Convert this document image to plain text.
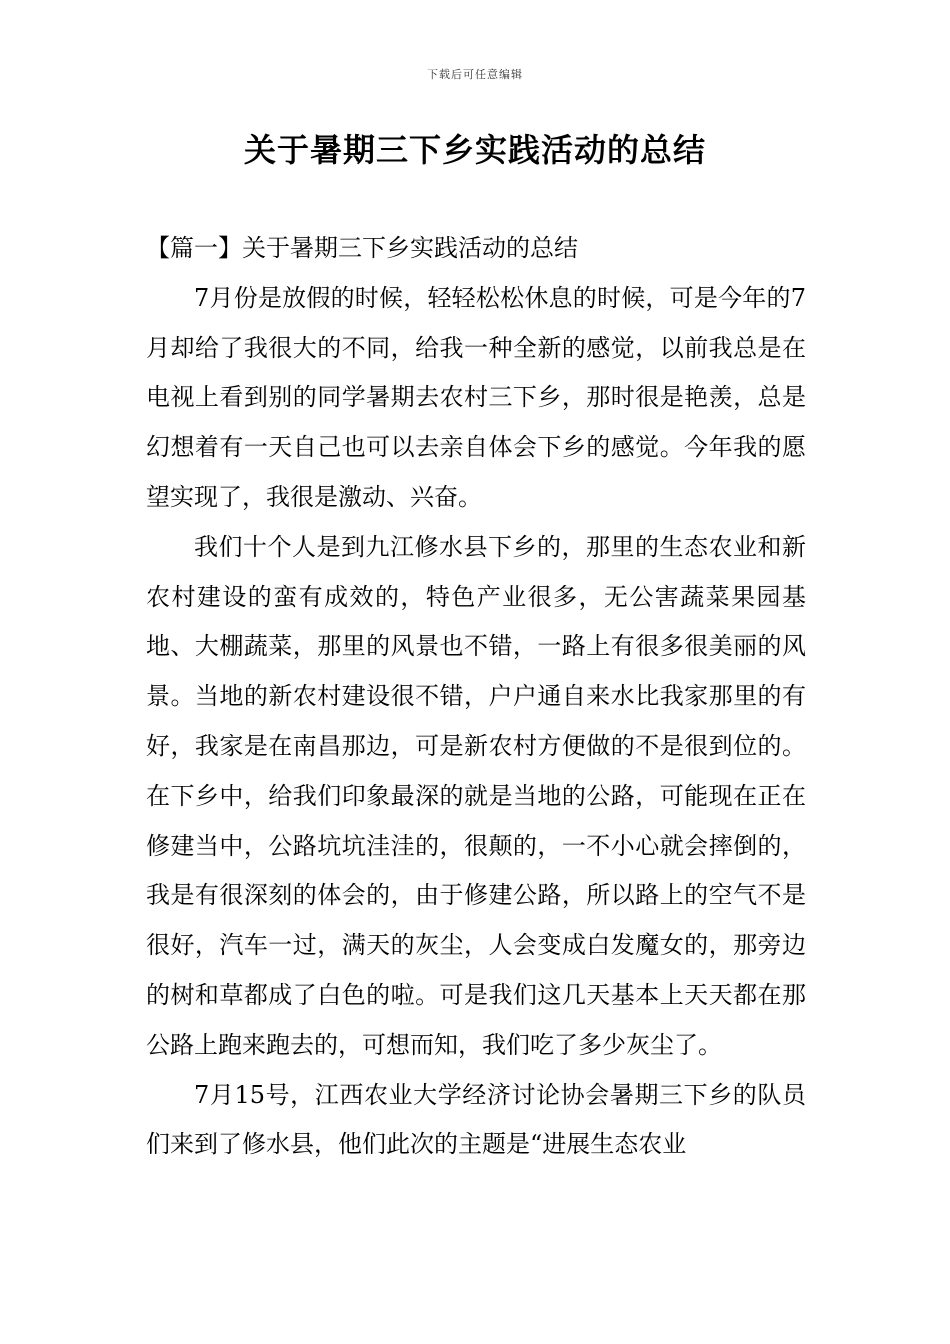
下载后可任意编辑
关于暑期三下乡实践活动的总结

【篇一】关于暑期三下乡实践活动的总结

7月份是放假的时候，轻轻松松休息的时候，可是今年的7月却给了我很大的不同，给我一种全新的感觉，以前我总是在电视上看到别的同学暑期去农村三下乡，那时很是艳羡，总是幻想着有一天自己也可以去亲自体会下乡的感觉。今年我的愿望实现了，我很是激动、兴奋。

我们十个人是到九江修水县下乡的，那里的生态农业和新农村建设的蛮有成效的，特色产业很多，无公害蔬菜果园基地、大棚蔬菜，那里的风景也不错，一路上有很多很美丽的风景。当地的新农村建设很不错，户户通自来水比我家那里的有好，我家是在南昌那边，可是新农村方便做的不是很到位的。在下乡中，给我们印象最深的就是当地的公路，可能现在正在修建当中，公路坑坑洼洼的，很颠的，一不小心就会摔倒的，我是有很深刻的体会的，由于修建公路，所以路上的空气不是很好，汽车一过，满天的灰尘，人会变成白发魔女的，那旁边的树和草都成了白色的啦。可是我们这几天基本上天天都在那公路上跑来跑去的，可想而知，我们吃了多少灰尘了。

7月15号，江西农业大学经济讨论协会暑期三下乡的队员们来到了修水县，他们此次的主题是“进展生态农业
